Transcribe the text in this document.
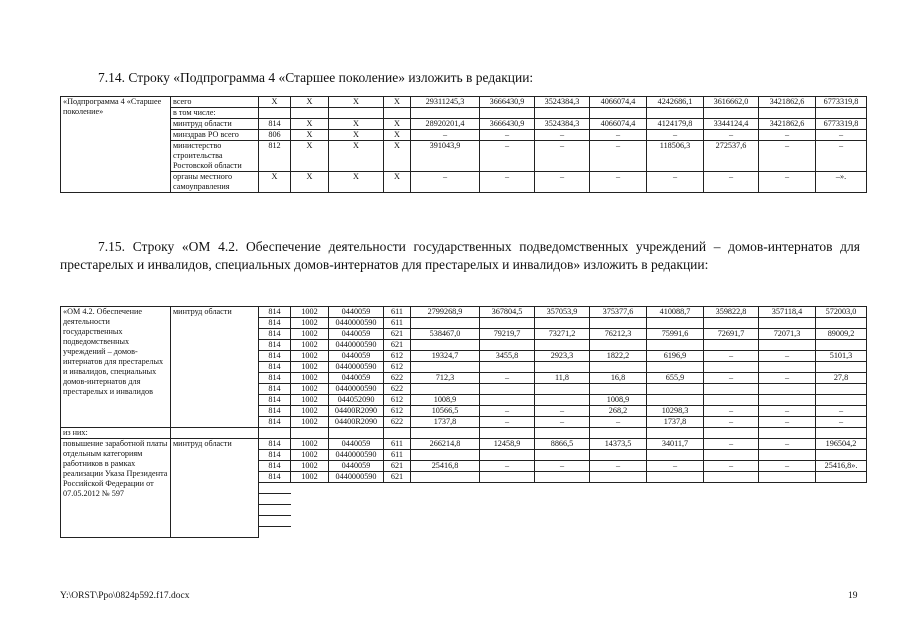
7.14. Строку «Подпрограмма 4 «Старшее поколение» изложить в редакции:
«Подпрограмма 4 «Старшее поколение»	всего	Х	Х	Х	Х	29311245,3	3666430,9	3524384,3	4066074,4	4242686,1	3616662,0	3421862,6	6773319,8
	в том числе:												
	минтруд области	814	Х	Х	Х	28920201,4	3666430,9	3524384,3	4066074,4	4124179,8	3344124,4	3421862,6	6773319,8
	минздрав РО всего	806	Х	Х	Х	–	–	–	–	–	–	–	–
	министерство строительства Ростовской области	812	Х	Х	Х	391043,9	–	–	–	118506,3	272537,6	–	–
	органы местного самоуправления	Х	Х	Х	Х	–	–	–	–	–	–	–	–».
7.15. Строку «ОМ 4.2. Обеспечение деятельности государственных подведомственных учреждений – домов-интернатов для престарелых и инвалидов, специальных домов-интернатов для престарелых и инвалидов» изложить в редакции:
«ОМ 4.2. Обеспечение деятельности государственных подведомственных учреждений – домов-интернатов для престарелых и инвалидов, специальных домов-интернатов для престарелых и инвалидов	минтруд области	814	1002	0440059	611	2799268,9	367804,5	357053,9	375377,6	410088,7	359822,8	357118,4	572003,0
		814	1002	0440000590	611								
		814	1002	0440059	621	538467,0	79219,7	73271,2	76212,3	75991,6	72691,7	72071,3	89009,2
		814	1002	0440000590	621								
		814	1002	0440059	612	19324,7	3455,8	2923,3	1822,2	6196,9	–	–	5101,3
		814	1002	0440000590	612								
		814	1002	0440059	622	712,3	–	11,8	16,8	655,9	–	–	27,8
		814	1002	0440000590	622								
		814	1002	044052090	612	1008,9			1008,9				
		814	1002	04400R2090	612	10566,5	–	–	268,2	10298,3	–	–	–
		814	1002	04400R2090	622	1737,8	–	–	–	1737,8	–	–	–
из них:													
повышение заработной платы отдельным категориям работников в рамках реализации Указа Президента Российской Федерации от 07.05.2012 № 597	минтруд области	814	1002	0440059	611	266214,8	12458,9	8866,5	14373,5	34011,7	–	–	196504,2
		814	1002	0440000590	611								
		814	1002	0440059	621	25416,8	–	–	–	–	–	–	25416,8».
		814	1002	0440000590	621								

Y:\ORST\Ppo\0824p592.f17.docx	19
